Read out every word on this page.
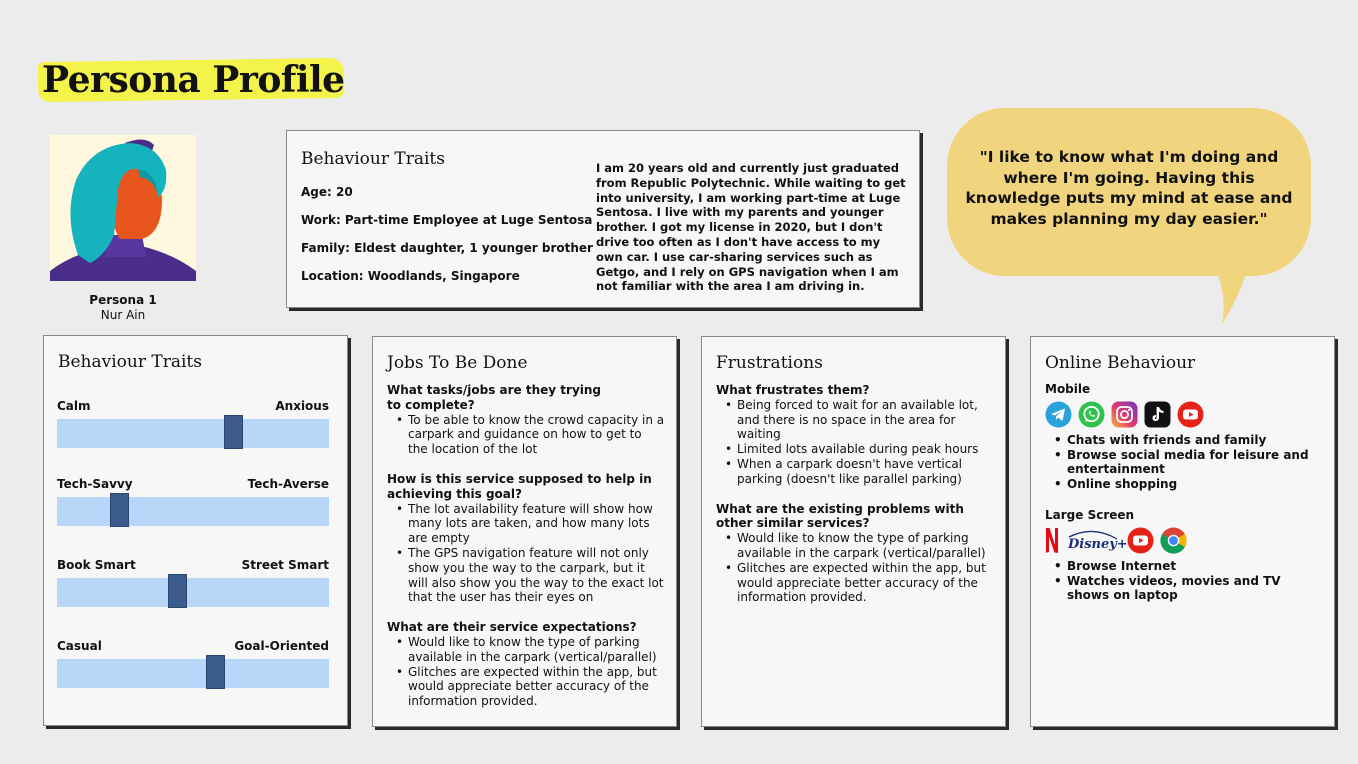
Persona Profile
Persona 1
Nur Ain
Behaviour Traits
Age: 20
Work: Part-time Employee at Luge Sentosa
Family: Eldest daughter, 1 younger brother
Location: Woodlands, Singapore

I am 20 years old and currently just graduated from Republic Polytechnic. While waiting to get into university, I am working part-time at Luge Sentosa. I live with my parents and younger brother. I got my license in 2020, but I don't drive too often as I don't have access to my own car. I use car-sharing services such as Getgo, and I rely on GPS navigation when I am not familiar with the area I am driving in.

"I like to know what I'm doing and where I'm going. Having this knowledge puts my mind at ease and makes planning my day easier."

Behaviour Traits
Calm	Anxious
Tech-Savvy	Tech-Averse
Book Smart	Street Smart
Casual	Goal-Oriented
Jobs To Be Done

What tasks/jobs are they trying to complete?

• To be able to know the crowd capacity in a carpark and guidance on how to get to the location of the lot

How is this service supposed to help in achieving this goal?

• The lot availability feature will show how many lots are taken, and how many lots are empty
• The GPS navigation feature will not only show you the way to the carpark, but it will also show you the way to the exact lot that the user has their eyes on

What are their service expectations?

• Would like to know the type of parking available in the carpark (vertical/parallel)
• Glitches are expected within the app, but would appreciate better accuracy of the information provided.
Frustrations

What frustrates them?

• Being forced to wait for an available lot, and there is no space in the area for waiting
• Limited lots available during peak hours
• When a carpark doesn't have vertical parking (doesn't like parallel parking)

What are the existing problems with other similar services?

• Would like to know the type of parking available in the carpark (vertical/parallel)
• Glitches are expected within the app, but would appreciate better accuracy of the information provided.
Online Behaviour

Mobile

• Chats with friends and family
• Browse social media for leisure and entertainment
• Online shopping

Large Screen

Disney+
• Browse Internet
• Watches videos, movies and TV shows on laptop
